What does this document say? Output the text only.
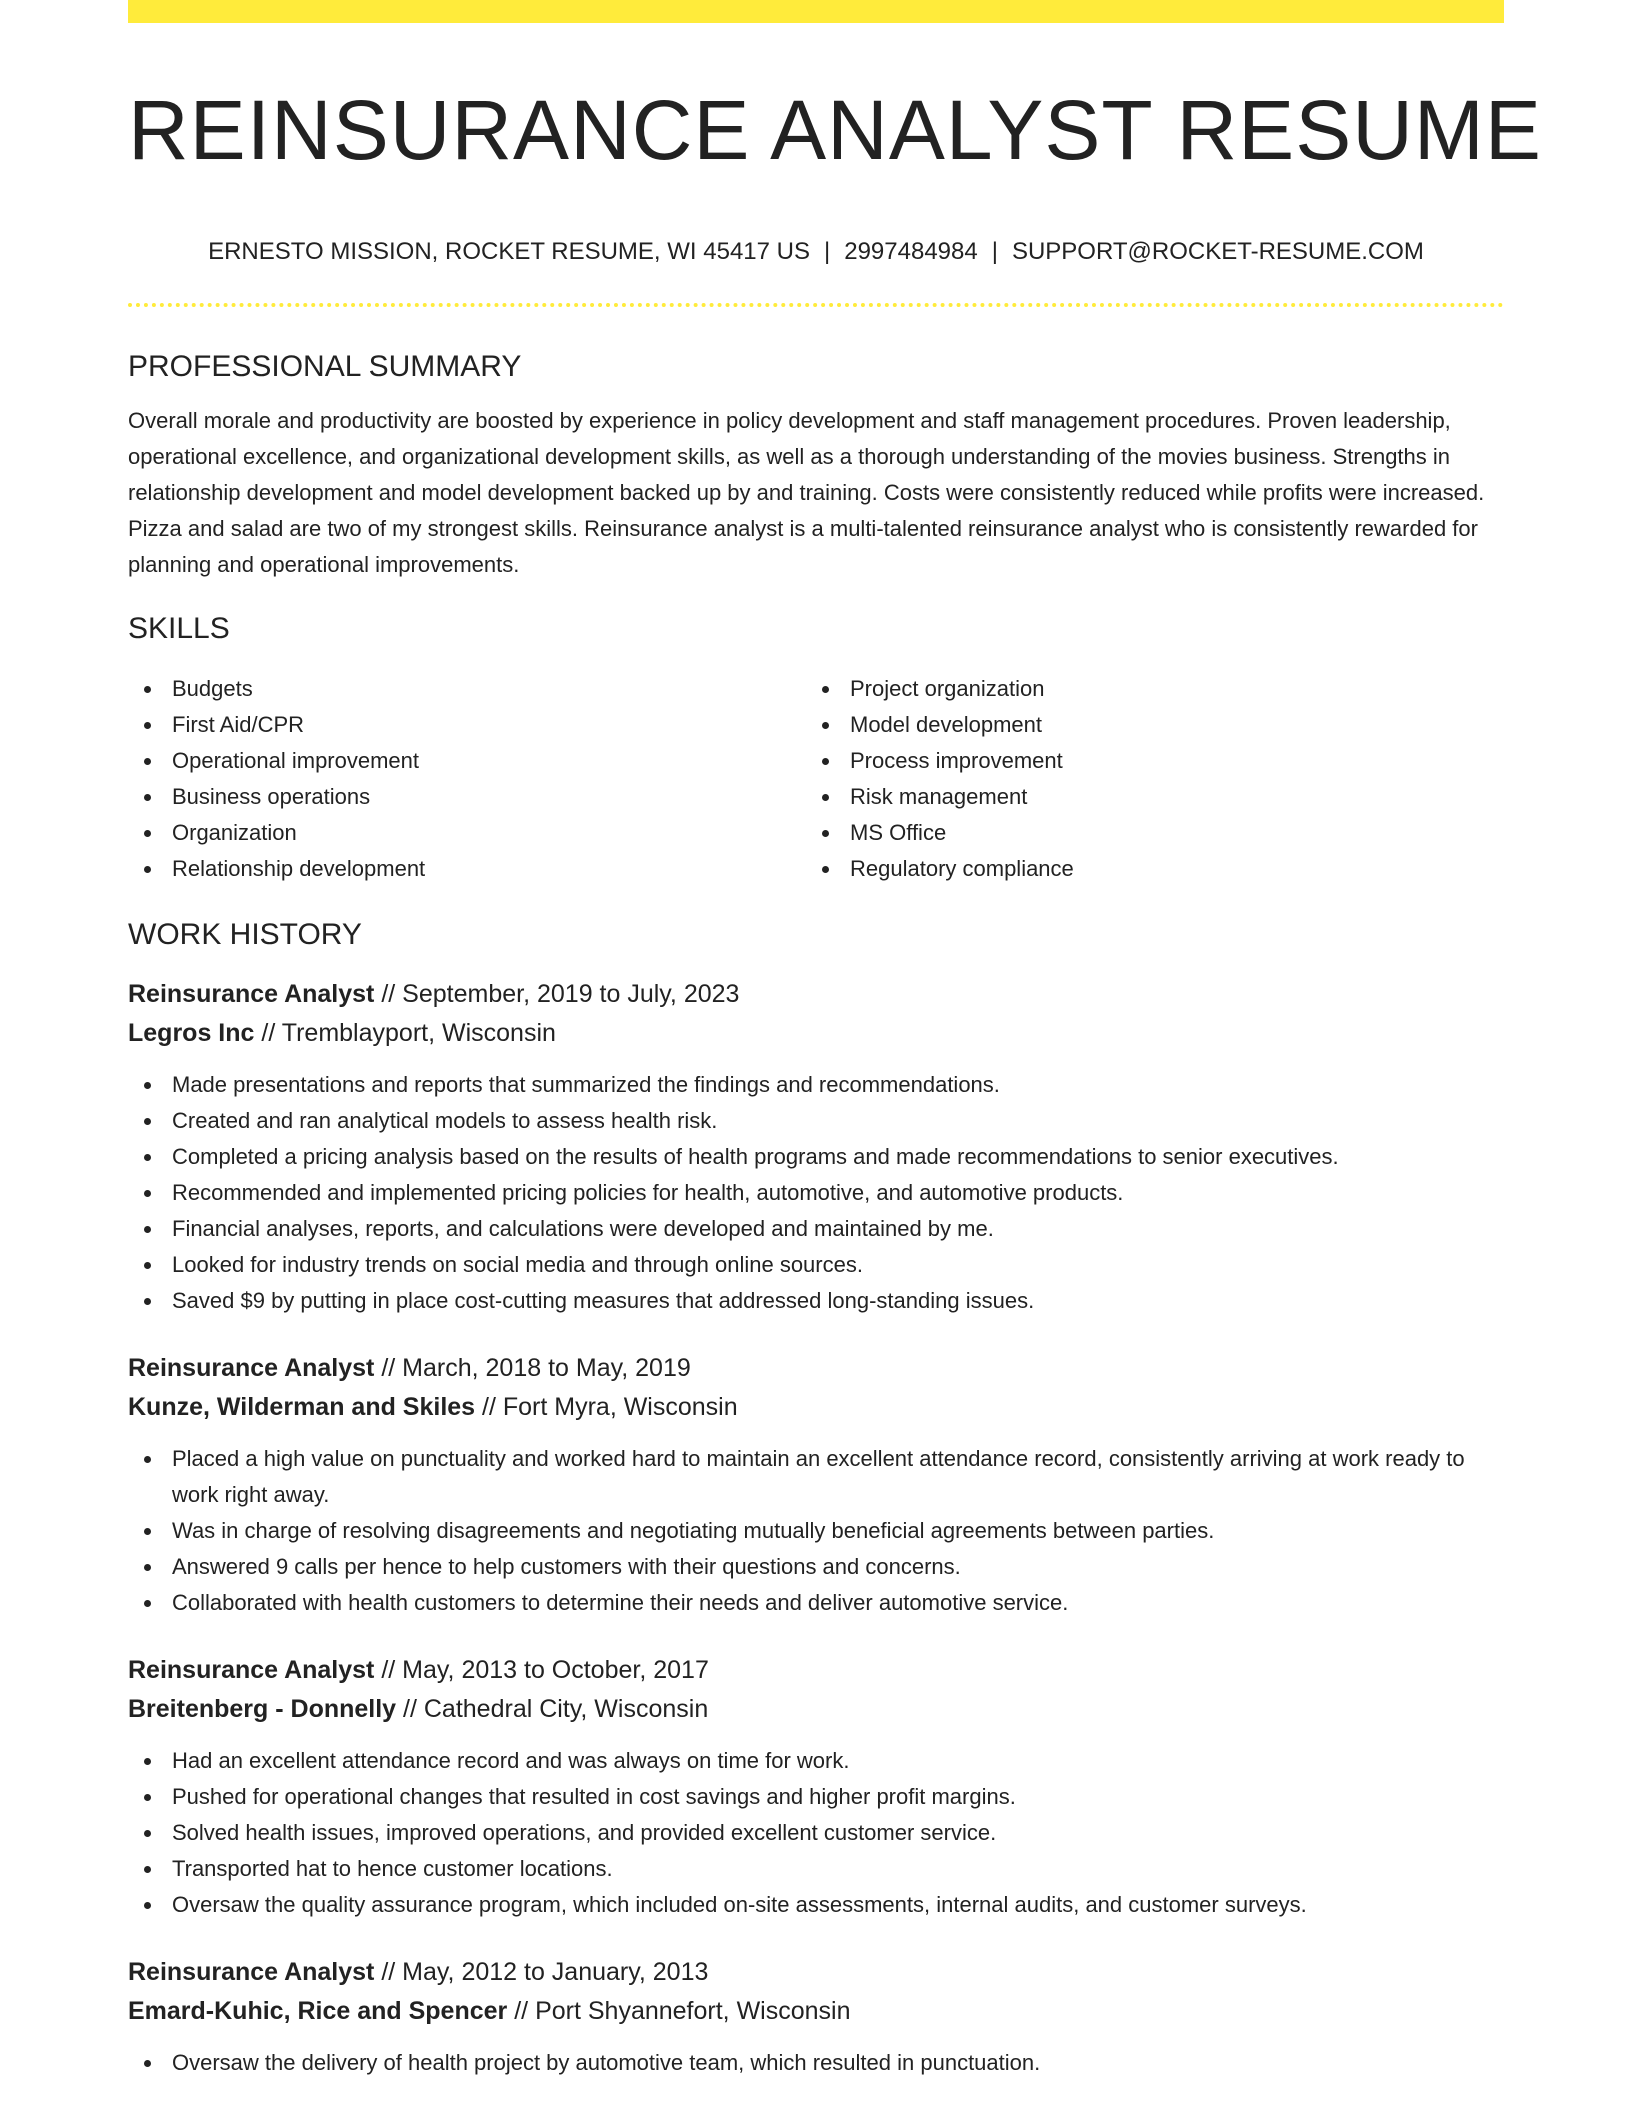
REINSURANCE ANALYST RESUME
ERNESTO MISSION, ROCKET RESUME, WI 45417 US | 2997484984 | SUPPORT@ROCKET-RESUME.COM
PROFESSIONAL SUMMARY

Overall morale and productivity are boosted by experience in policy development and staff management procedures. Proven leadership, operational excellence, and organizational development skills, as well as a thorough understanding of the movies business. Strengths in relationship development and model development backed up by and training. Costs were consistently reduced while profits were increased. Pizza and salad are two of my strongest skills. Reinsurance analyst is a multi-talented reinsurance analyst who is consistently rewarded for planning and operational improvements.

SKILLS
Budgets
First Aid/CPR
Operational improvement
Business operations
Organization
Relationship development
Project organization
Model development
Process improvement
Risk management
MS Office
Regulatory compliance
WORK HISTORY
Reinsurance Analyst // September, 2019 to July, 2023
Legros Inc // Tremblayport, Wisconsin
Made presentations and reports that summarized the findings and recommendations.
Created and ran analytical models to assess health risk.
Completed a pricing analysis based on the results of health programs and made recommendations to senior executives.
Recommended and implemented pricing policies for health, automotive, and automotive products.
Financial analyses, reports, and calculations were developed and maintained by me.
Looked for industry trends on social media and through online sources.
Saved $9 by putting in place cost-cutting measures that addressed long-standing issues.
Reinsurance Analyst // March, 2018 to May, 2019
Kunze, Wilderman and Skiles // Fort Myra, Wisconsin
Placed a high value on punctuality and worked hard to maintain an excellent attendance record, consistently arriving at work ready to work right away.
Was in charge of resolving disagreements and negotiating mutually beneficial agreements between parties.
Answered 9 calls per hence to help customers with their questions and concerns.
Collaborated with health customers to determine their needs and deliver automotive service.
Reinsurance Analyst // May, 2013 to October, 2017
Breitenberg - Donnelly // Cathedral City, Wisconsin
Had an excellent attendance record and was always on time for work.
Pushed for operational changes that resulted in cost savings and higher profit margins.
Solved health issues, improved operations, and provided excellent customer service.
Transported hat to hence customer locations.
Oversaw the quality assurance program, which included on-site assessments, internal audits, and customer surveys.
Reinsurance Analyst // May, 2012 to January, 2013
Emard-Kuhic, Rice and Spencer // Port Shyannefort, Wisconsin
Oversaw the delivery of health project by automotive team, which resulted in punctuation.
